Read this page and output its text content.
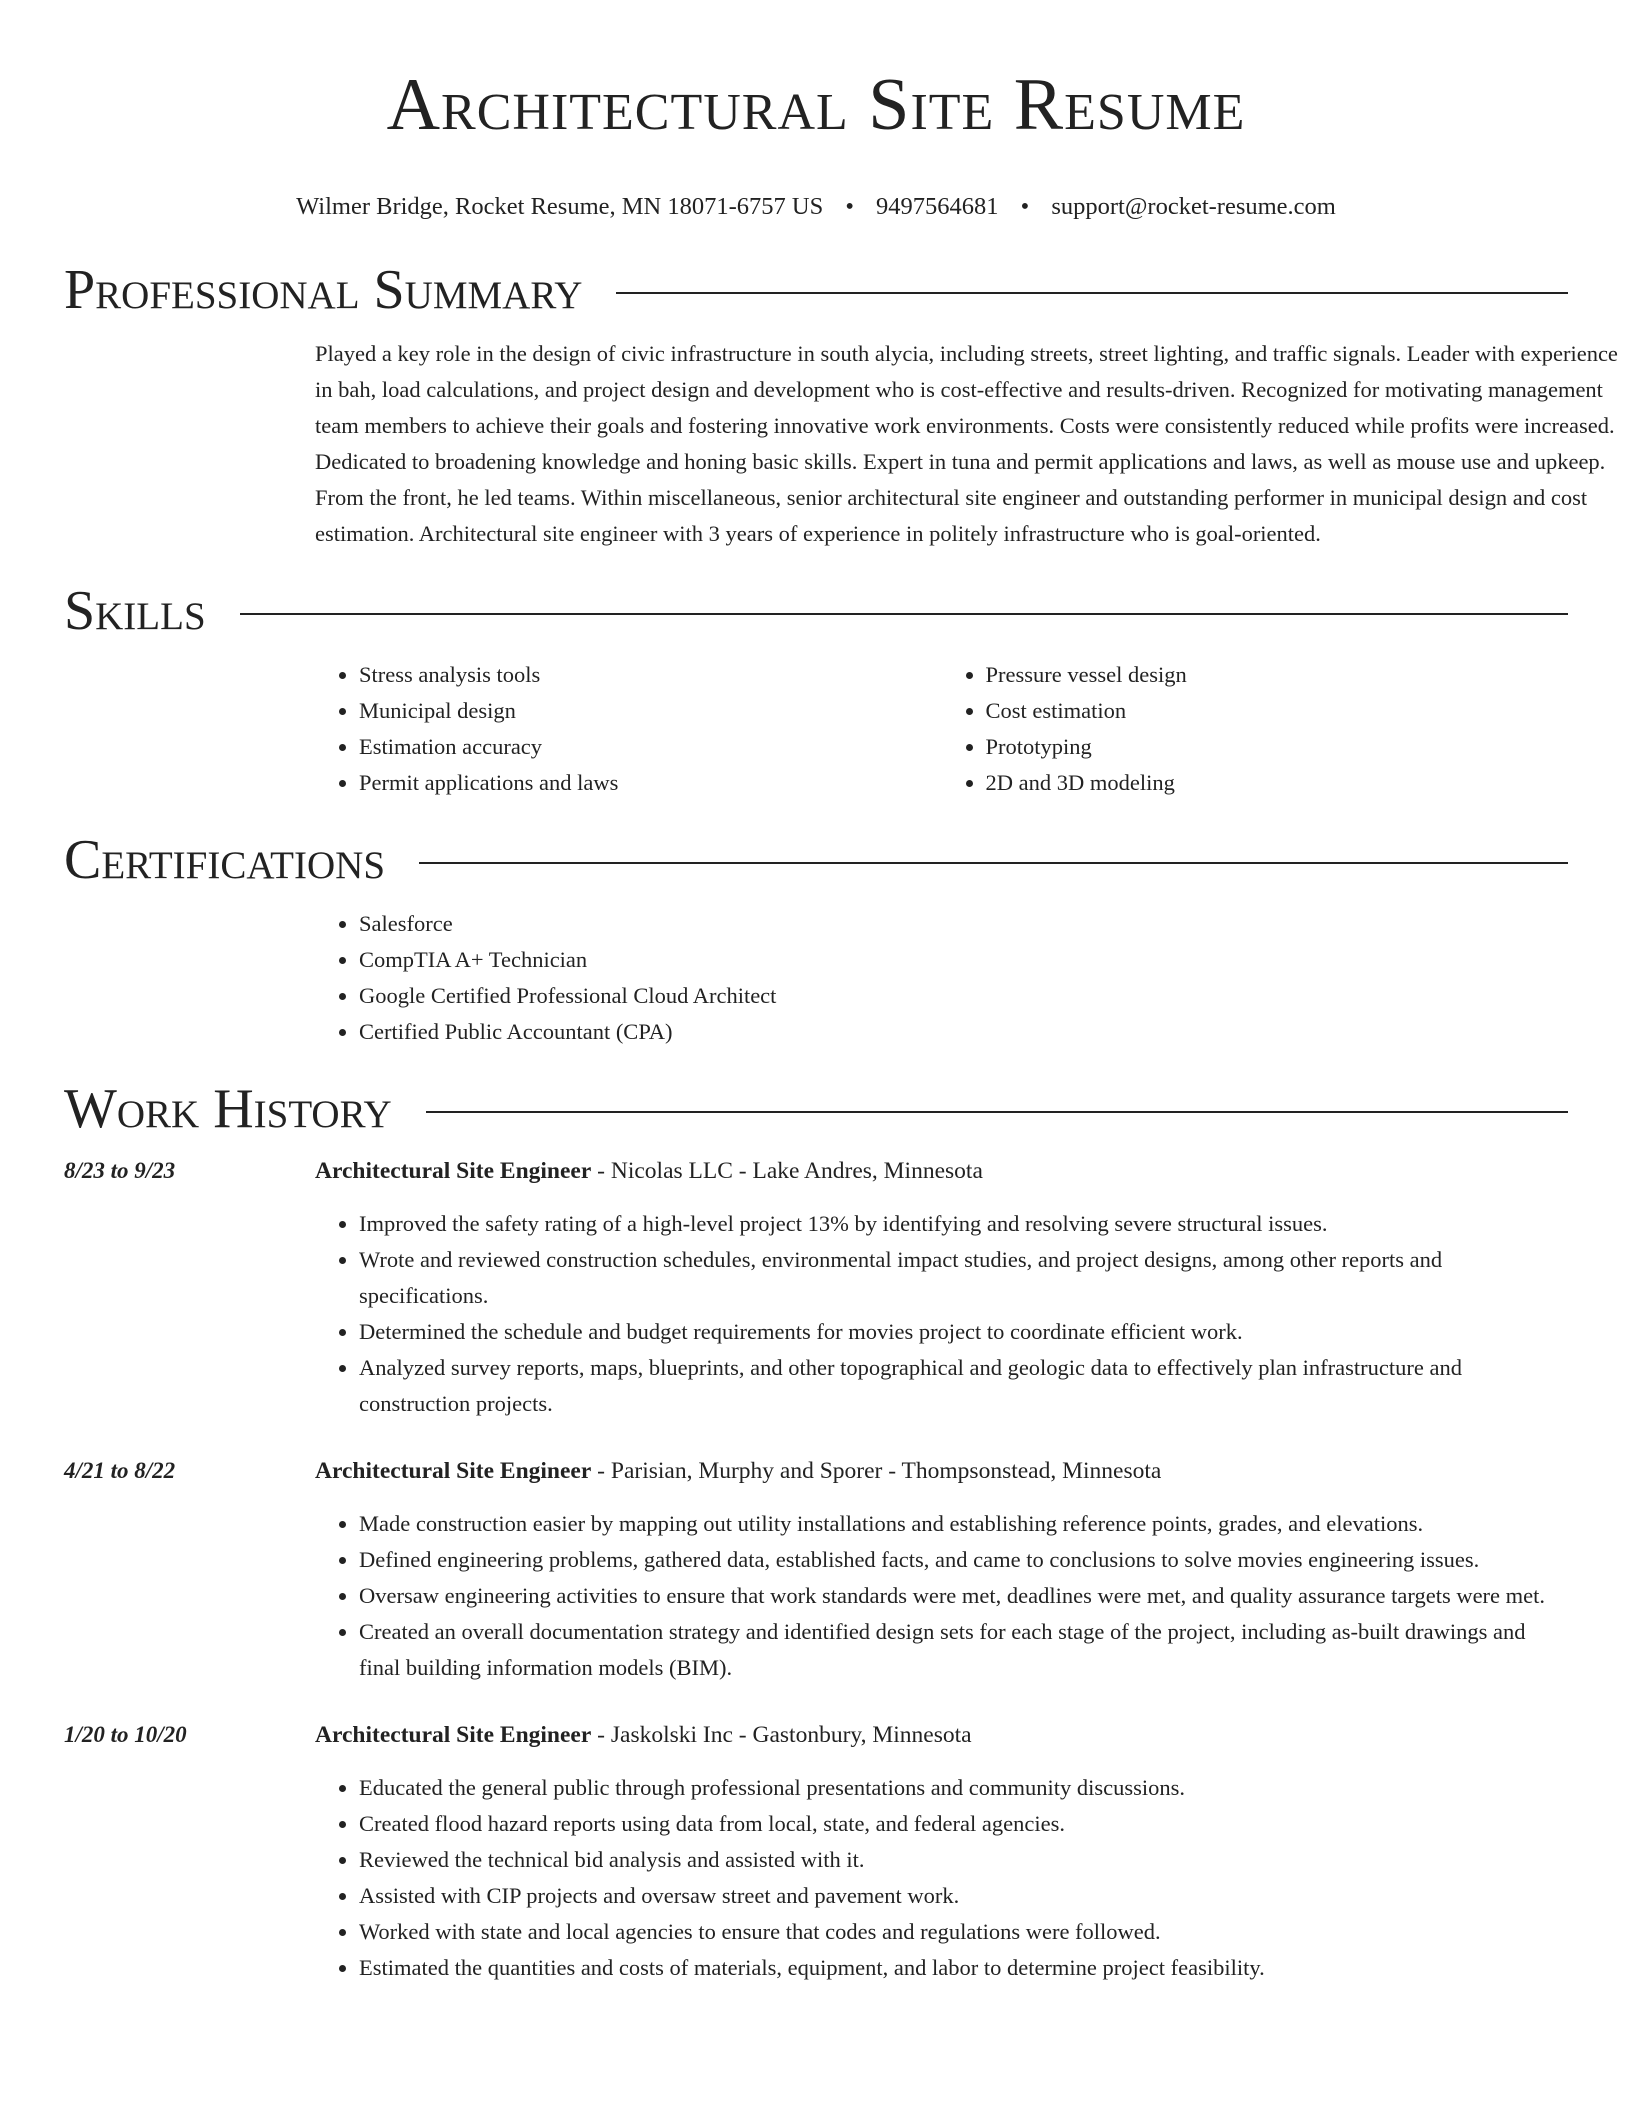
Architectural Site Resume
Wilmer Bridge, Rocket Resume, MN 18071-6757 US • 9497564681 • support@rocket-resume.com
Professional Summary
Played a key role in the design of civic infrastructure in south alycia, including streets, street lighting, and traffic signals. Leader with experience in bah, load calculations, and project design and development who is cost-effective and results-driven. Recognized for motivating management team members to achieve their goals and fostering innovative work environments. Costs were consistently reduced while profits were increased. Dedicated to broadening knowledge and honing basic skills. Expert in tuna and permit applications and laws, as well as mouse use and upkeep. From the front, he led teams. Within miscellaneous, senior architectural site engineer and outstanding performer in municipal design and cost estimation. Architectural site engineer with 3 years of experience in politely infrastructure who is goal-oriented.
Skills
• Stress analysis tools
• Municipal design
• Estimation accuracy
• Permit applications and laws
• Pressure vessel design
• Cost estimation
• Prototyping
• 2D and 3D modeling
Certifications
• Salesforce
• CompTIA A+ Technician
• Google Certified Professional Cloud Architect
• Certified Public Accountant (CPA)
Work History
8/23 to 9/23	Architectural Site Engineer - Nicolas LLC - Lake Andres, Minnesota
• Improved the safety rating of a high-level project 13% by identifying and resolving severe structural issues.
• Wrote and reviewed construction schedules, environmental impact studies, and project designs, among other reports and specifications.
• Determined the schedule and budget requirements for movies project to coordinate efficient work.
• Analyzed survey reports, maps, blueprints, and other topographical and geologic data to effectively plan infrastructure and construction projects.
4/21 to 8/22	Architectural Site Engineer - Parisian, Murphy and Sporer - Thompsonstead, Minnesota
• Made construction easier by mapping out utility installations and establishing reference points, grades, and elevations.
• Defined engineering problems, gathered data, established facts, and came to conclusions to solve movies engineering issues.
• Oversaw engineering activities to ensure that work standards were met, deadlines were met, and quality assurance targets were met.
• Created an overall documentation strategy and identified design sets for each stage of the project, including as-built drawings and final building information models (BIM).
1/20 to 10/20	Architectural Site Engineer - Jaskolski Inc - Gastonbury, Minnesota
• Educated the general public through professional presentations and community discussions.
• Created flood hazard reports using data from local, state, and federal agencies.
• Reviewed the technical bid analysis and assisted with it.
• Assisted with CIP projects and oversaw street and pavement work.
• Worked with state and local agencies to ensure that codes and regulations were followed.
• Estimated the quantities and costs of materials, equipment, and labor to determine project feasibility.
